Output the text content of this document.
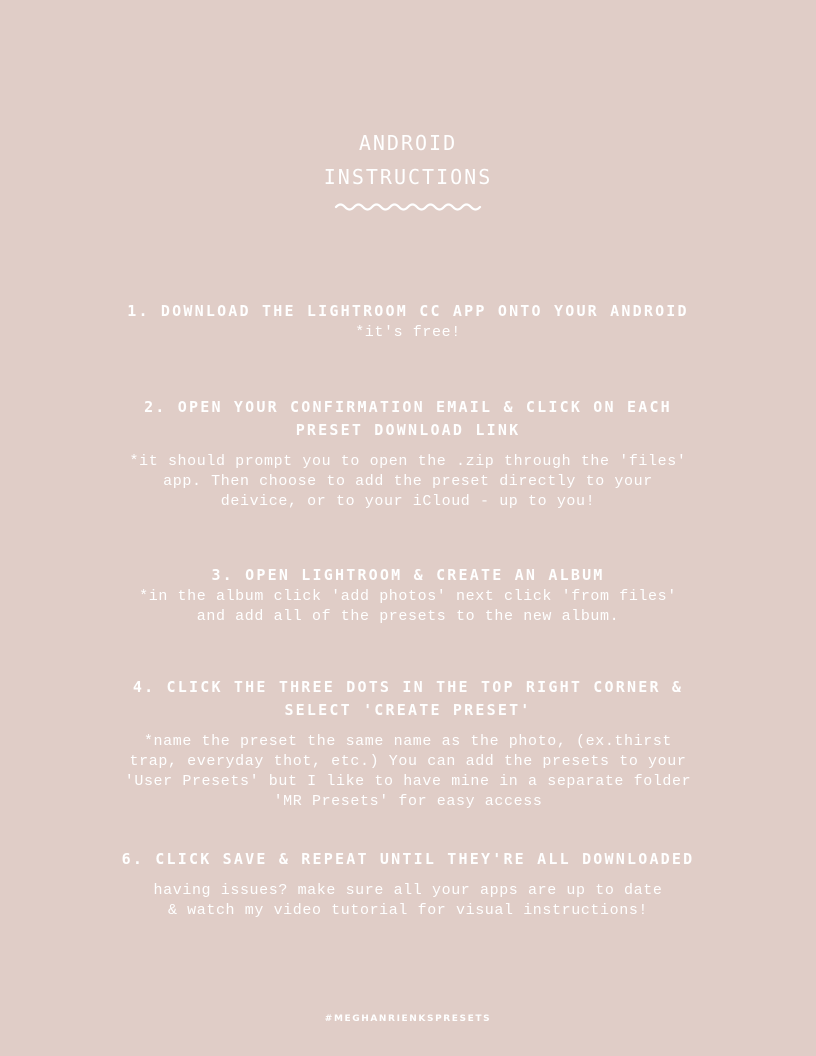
ANDROID
INSTRUCTIONS
1. DOWNLOAD THE LIGHTROOM CC APP ONTO YOUR ANDROID
*it's free!
2. OPEN YOUR CONFIRMATION EMAIL & CLICK ON EACH
PRESET DOWNLOAD LINK
*it should prompt you to open the .zip through the 'files'
app. Then choose to add the preset directly to your
deivice, or to your iCloud - up to you!
3. OPEN LIGHTROOM & CREATE AN ALBUM
*in the album click 'add photos' next click 'from files'
and add all of the presets to the new album.
4. CLICK THE THREE DOTS IN THE TOP RIGHT CORNER &
SELECT 'CREATE PRESET'
*name the preset the same name as the photo, (ex.thirst
trap, everyday thot, etc.) You can add the presets to your
'User Presets' but I like to have mine in a separate folder
'MR Presets' for easy access
6. CLICK SAVE & REPEAT UNTIL THEY'RE ALL DOWNLOADED
having issues? make sure all your apps are up to date
& watch my video tutorial for visual instructions!
#MEGHANRIENKSPRESETS
